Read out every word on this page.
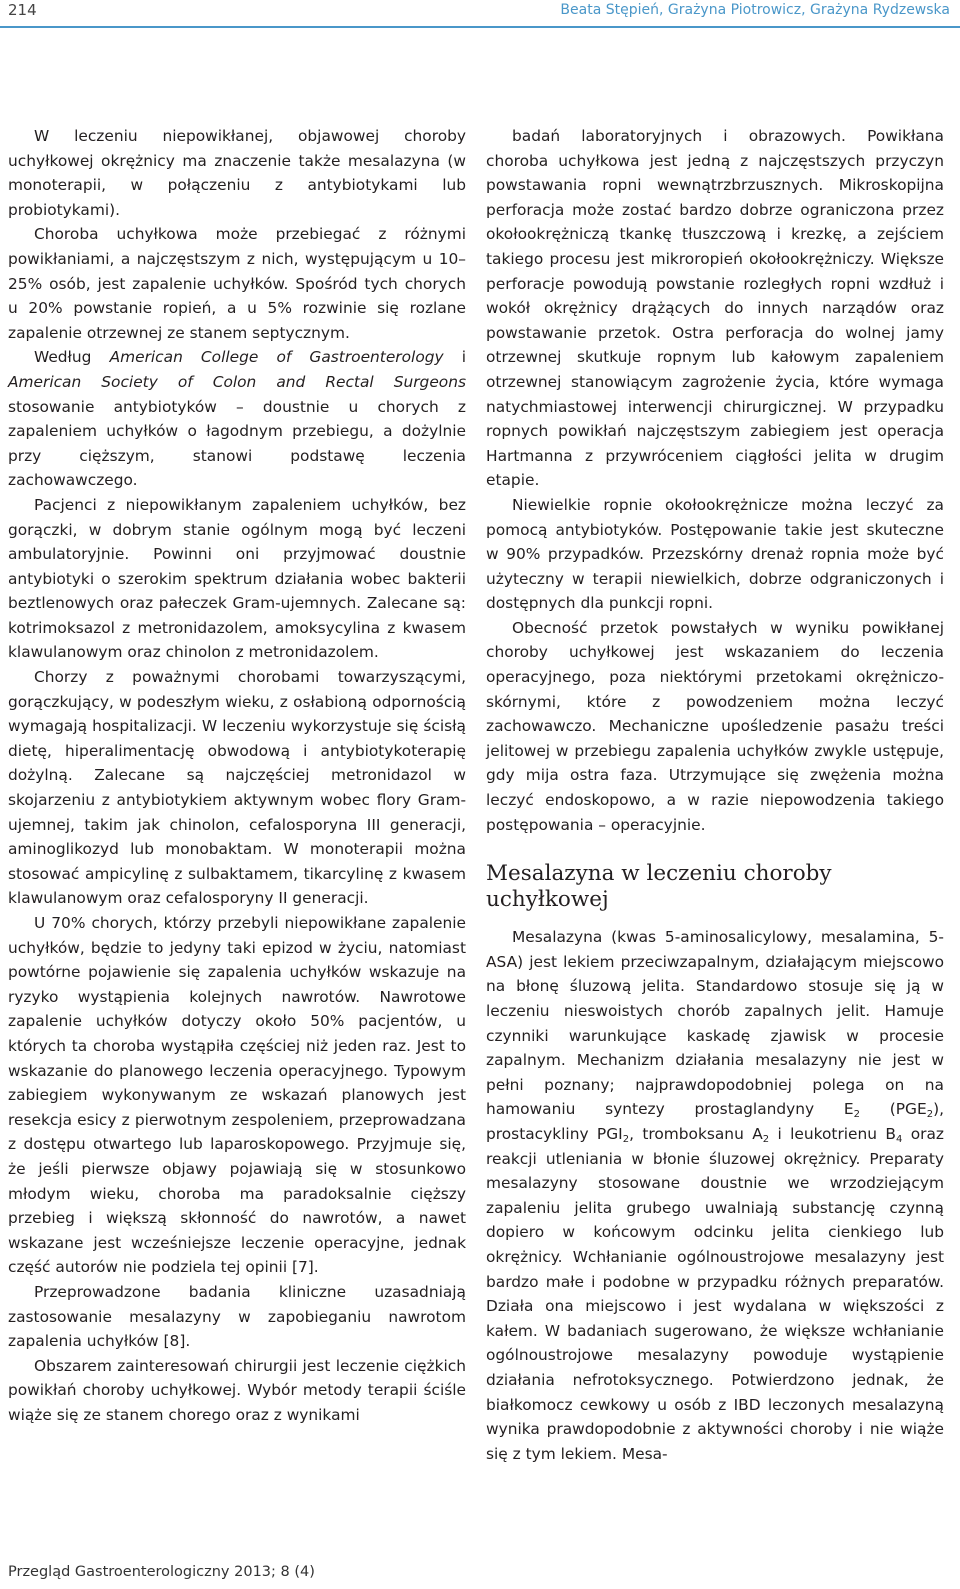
214	Beata Stępień, Grażyna Piotrowicz, Grażyna Rydzewska

W leczeniu niepowikłanej, objawowej choroby uchyłkowej okrężnicy ma znaczenie także mesalazyna (w monoterapii, w połączeniu z antybiotykami lub probiotykami).

Choroba uchyłkowa może przebiegać z różnymi powikłaniami, a najczęstszym z nich, występującym u 10–25% osób, jest zapalenie uchyłków. Spośród tych chorych u 20% powstanie ropień, a u 5% rozwinie się rozlane zapalenie otrzewnej ze stanem septycznym.

Według American College of Gastroenterology i American Society of Colon and Rectal Surgeons stosowanie antybiotyków – doustnie u chorych z zapaleniem uchyłków o łagodnym przebiegu, a dożylnie przy cięższym, stanowi podstawę leczenia zachowawczego.

Pacjenci z niepowikłanym zapaleniem uchyłków, bez gorączki, w dobrym stanie ogólnym mogą być leczeni ambulatoryjnie. Powinni oni przyjmować doustnie antybiotyki o szerokim spektrum działania wobec bakterii beztlenowych oraz pałeczek Gram-ujemnych. Zalecane są: kotrimoksazol z metronidazolem, amoksycylina z kwasem klawulanowym oraz chinolon z metronidazolem.

Chorzy z poważnymi chorobami towarzyszącymi, gorączkujący, w podeszłym wieku, z osłabioną odpornością wymagają hospitalizacji. W leczeniu wykorzystuje się ścisłą dietę, hiperalimentację obwodową i antybiotykoterapię dożylną. Zalecane są najczęściej metronidazol w skojarzeniu z antybiotykiem aktywnym wobec flory Gram-ujemnej, takim jak chinolon, cefalosporyna III generacji, aminoglikozyd lub monobaktam. W monoterapii można stosować ampicylinę z sulbaktamem, tikarcylinę z kwasem klawulanowym oraz cefalosporyny II generacji.

U 70% chorych, którzy przebyli niepowikłane zapalenie uchyłków, będzie to jedyny taki epizod w życiu, natomiast powtórne pojawienie się zapalenia uchyłków wskazuje na ryzyko wystąpienia kolejnych nawrotów. Nawrotowe zapalenie uchyłków dotyczy około 50% pacjentów, u których ta choroba wystąpiła częściej niż jeden raz. Jest to wskazanie do planowego leczenia operacyjnego. Typowym zabiegiem wykonywanym ze wskazań planowych jest resekcja esicy z pierwotnym zespoleniem, przeprowadzana z dostępu otwartego lub laparoskopowego. Przyjmuje się, że jeśli pierwsze objawy pojawiają się w stosunkowo młodym wieku, choroba ma paradoksalnie cięższy przebieg i większą skłonność do nawrotów, a nawet wskazane jest wcześniejsze leczenie operacyjne, jednak część autorów nie podziela tej opinii [7].

Przeprowadzone badania kliniczne uzasadniają zastosowanie mesalazyny w zapobieganiu nawrotom zapalenia uchyłków [8].

Obszarem zainteresowań chirurgii jest leczenie ciężkich powikłań choroby uchyłkowej. Wybór metody terapii ściśle wiąże się ze stanem chorego oraz z wynikami

badań laboratoryjnych i obrazowych. Powikłana choroba uchyłkowa jest jedną z najczęstszych przyczyn powstawania ropni wewnątrzbrzusznych. Mikroskopijna perforacja może zostać bardzo dobrze ograniczona przez okołookrężniczą tkankę tłuszczową i krezkę, a zejściem takiego procesu jest mikroropień okołookrężniczy. Większe perforacje powodują powstanie rozległych ropni wzdłuż i wokół okrężnicy drążących do innych narządów oraz powstawanie przetok. Ostra perforacja do wolnej jamy otrzewnej skutkuje ropnym lub kałowym zapaleniem otrzewnej stanowiącym zagrożenie życia, które wymaga natychmiastowej interwencji chirurgicznej. W przypadku ropnych powikłań najczęstszym zabiegiem jest operacja Hartmanna z przywróceniem ciągłości jelita w drugim etapie.

Niewielkie ropnie okołookrężnicze można leczyć za pomocą antybiotyków. Postępowanie takie jest skuteczne w 90% przypadków. Przezskórny drenaż ropnia może być użyteczny w terapii niewielkich, dobrze odgraniczonych i dostępnych dla punkcji ropni.

Obecność przetok powstałych w wyniku powikłanej choroby uchyłkowej jest wskazaniem do leczenia operacyjnego, poza niektórymi przetokami okrężniczo-skórnymi, które z powodzeniem można leczyć zachowawczo. Mechaniczne upośledzenie pasażu treści jelitowej w przebiegu zapalenia uchyłków zwykle ustępuje, gdy mija ostra faza. Utrzymujące się zwężenia można leczyć endoskopowo, a w razie niepowodzenia takiego postępowania – operacyjnie.

Mesalazyna w leczeniu choroby uchyłkowej

Mesalazyna (kwas 5-aminosalicylowy, mesalamina, 5-ASA) jest lekiem przeciwzapalnym, działającym miejscowo na błonę śluzową jelita. Standardowo stosuje się ją w leczeniu nieswoistych chorób zapalnych jelit. Hamuje czynniki warunkujące kaskadę zjawisk w procesie zapalnym. Mechanizm działania mesalazyny nie jest w pełni poznany; najprawdopodobniej polega on na hamowaniu syntezy prostaglandyny $E_2$ $(PGE_2)$, prostacykliny $PGI_2$, tromboksanu $A_2$ i leukotrienu $B_4$ oraz reakcji utleniania w błonie śluzowej okrężnicy. Preparaty mesalazyny stosowane doustnie we wrzodziejącym zapaleniu jelita grubego uwalniają substancję czynną dopiero w końcowym odcinku jelita cienkiego lub okrężnicy. Wchłanianie ogólnoustrojowe mesalazyny jest bardzo małe i podobne w przypadku różnych preparatów. Działa ona miejscowo i jest wydalana w większości z kałem. W badaniach sugerowano, że większe wchłanianie ogólnoustrojowe mesalazyny powoduje wystąpienie działania nefrotoksycznego. Potwierdzono jednak, że białkomocz cewkowy u osób z IBD leczonych mesalazyną wynika prawdopodobnie z aktywności choroby i nie wiąże się z tym lekiem. Mesa-

Przegląd Gastroenterologiczny 2013; 8 (4)
